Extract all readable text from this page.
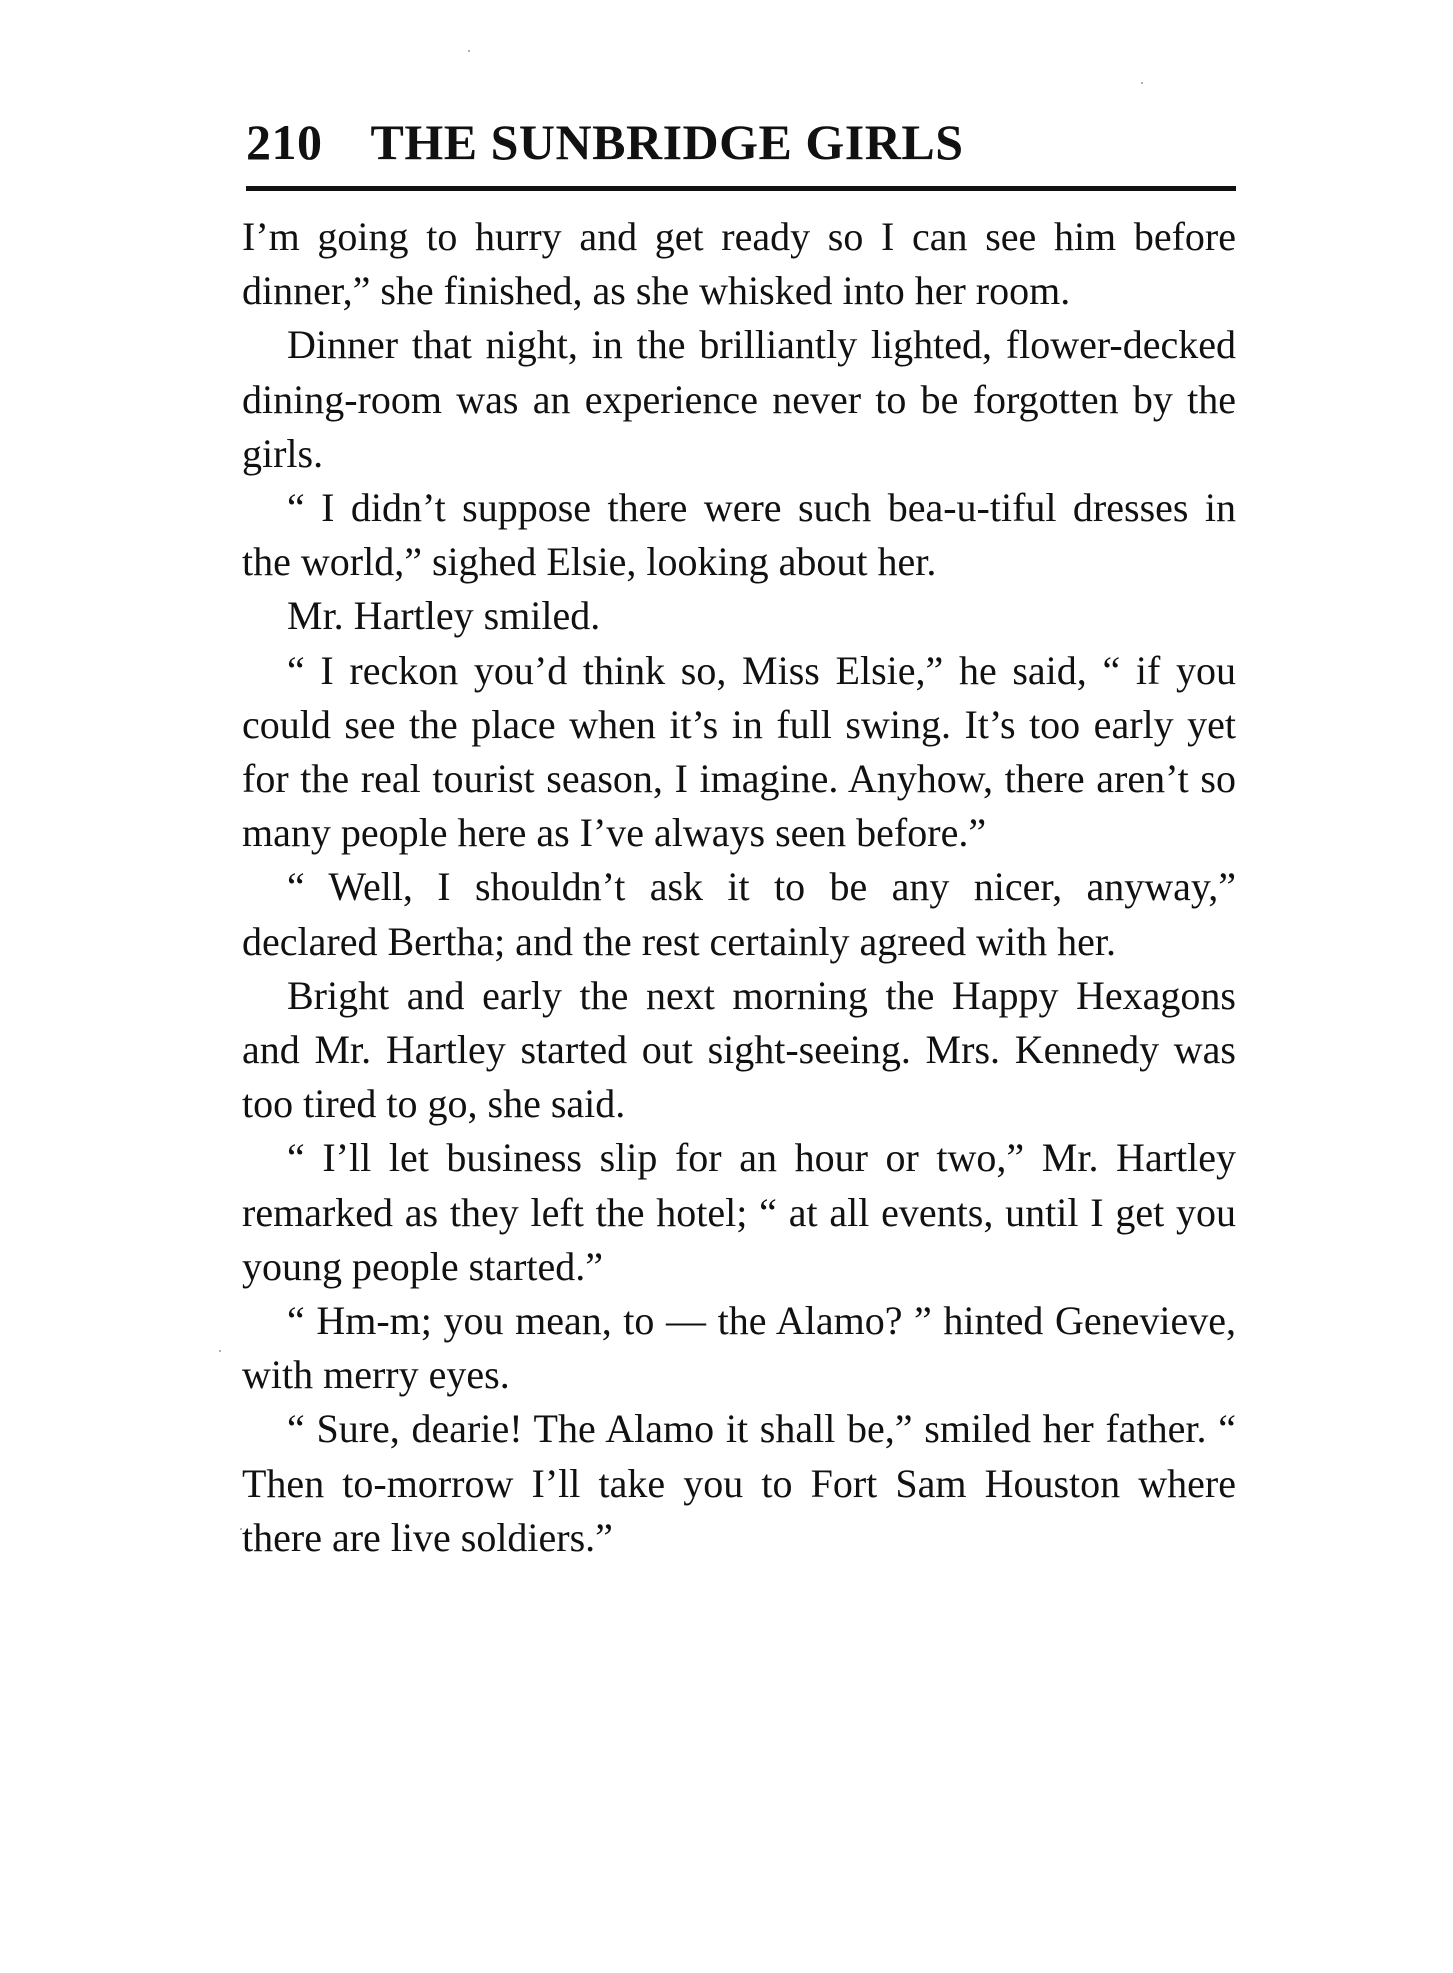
210 THE SUNBRIDGE GIRLS

I’m going to hurry and get ready so I can see him before dinner,” she finished, as she whisked into her room.

Dinner that night, in the brilliantly lighted, flower-decked dining-room was an experience never to be forgotten by the girls.

“ I didn’t suppose there were such bea-u-tiful dresses in the world,” sighed Elsie, looking about her.

Mr. Hartley smiled.

“ I reckon you’d think so, Miss Elsie,” he said, “ if you could see the place when it’s in full swing. It’s too early yet for the real tourist season, I imagine. Anyhow, there aren’t so many people here as I’ve always seen before.”

“ Well, I shouldn’t ask it to be any nicer, anyway,” declared Bertha; and the rest certainly agreed with her.

Bright and early the next morning the Happy Hexagons and Mr. Hartley started out sight-seeing. Mrs. Kennedy was too tired to go, she said.

“ I’ll let business slip for an hour or two,” Mr. Hartley remarked as they left the hotel; “ at all events, until I get you young people started.”

“ Hm-m; you mean, to — the Alamo? ” hinted Genevieve, with merry eyes.

“ Sure, dearie! The Alamo it shall be,” smiled her father. “ Then to-morrow I’ll take you to Fort Sam Houston where there are live soldiers.”
